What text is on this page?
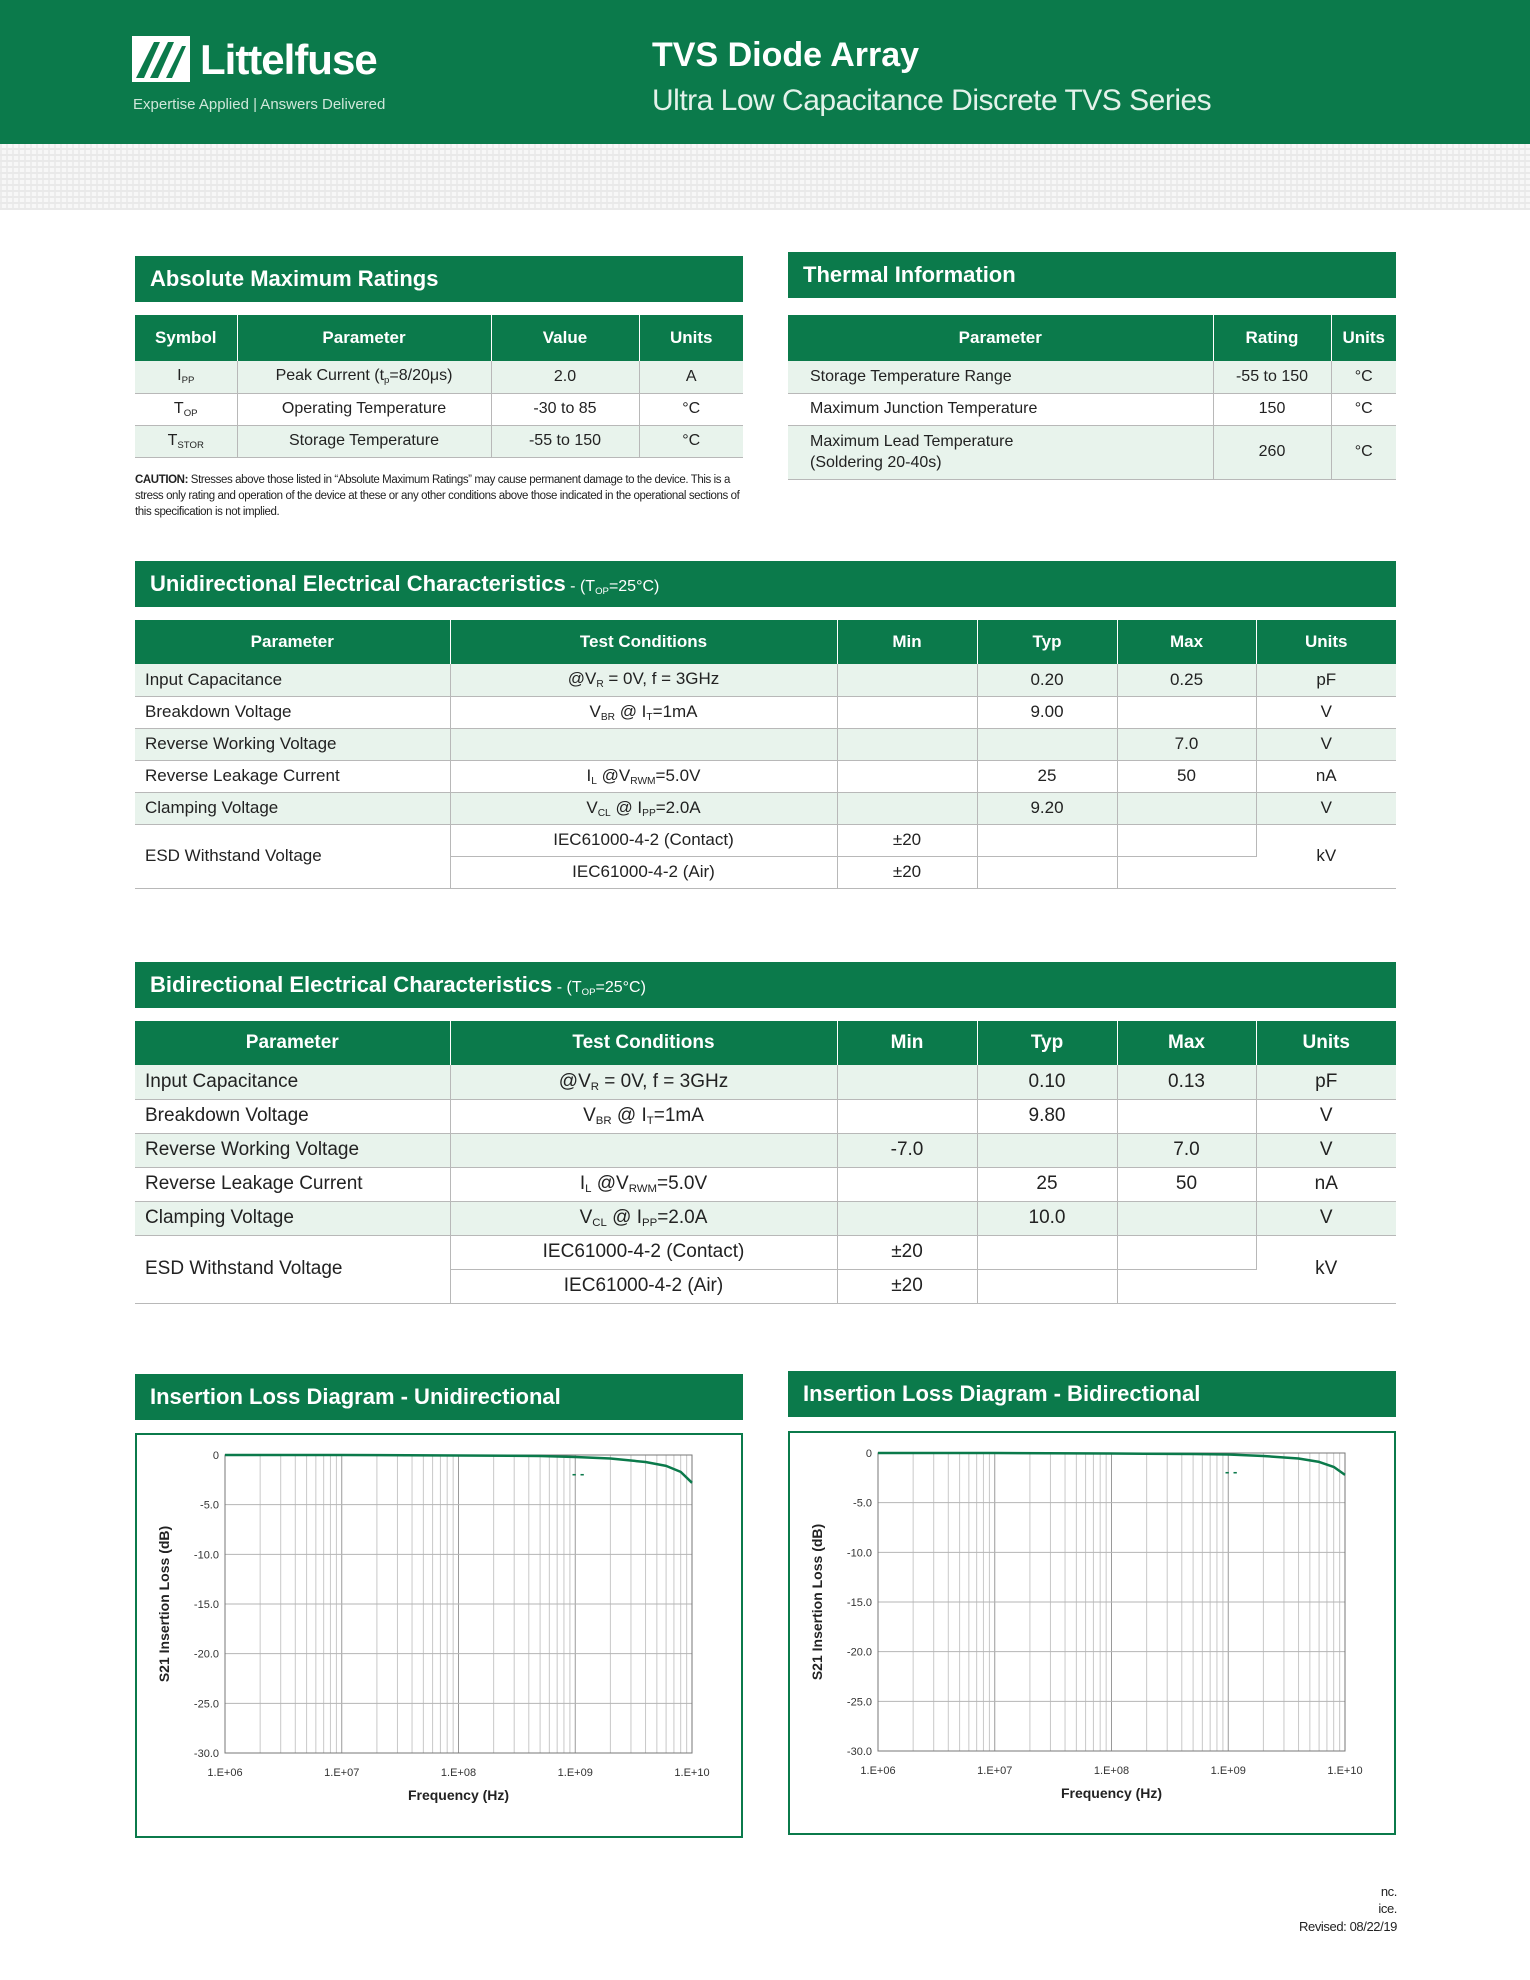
Littelfuse
Expertise Applied | Answers Delivered
TVS Diode Array
Ultra Low Capacitance Discrete TVS Series
Absolute Maximum Ratings
Symbol	Parameter	Value	Units
$I_{PP}$	Peak Current $(t_p=8/20\mu s)$	2.0	A
$T_{OP}$	Operating Temperature	-30 to 85	°C
$T_{STOR}$	Storage Temperature	-55 to 150	°C
CAUTION: Stresses above those listed in “Absolute Maximum Ratings” may cause permanent damage to the device. This is a stress only rating and operation of the device at these or any other conditions above those indicated in the operational sections of this specification is not implied.
Thermal Information
Parameter	Rating	Units
Storage Temperature Range	-55 to 150	°C
Maximum Junction Temperature	150	°C

Maximum Lead Temperature
(Soldering 20-40s)	260	°C
Unidirectional Electrical Characteristics - $(T_{OP}=25^\circ C)$
Parameter	Test Conditions	Min	Typ	Max	Units
Input Capacitance	$@V_R = 0V$, f = 3GHz		0.20	0.25	pF
Breakdown Voltage	$V_{BR}$ @ $I_T=1mA$		9.00		V
Reverse Working Voltage				7.0	V
Reverse Leakage Current	$I_L$ $@V_{RWM}=5.0V$		25	50	nA
Clamping Voltage	$V_{CL}$ @ $I_{PP}=2.0A$		9.20		V
ESD Withstand Voltage	IEC61000-4-2 (Contact)	±20			kV
	IEC61000-4-2 (Air)	±20			
Bidirectional Electrical Characteristics - $(T_{OP}=25^\circ C)$
Parameter	Test Conditions	Min	Typ	Max	Units
Input Capacitance	$@V_R = 0V$, f = 3GHz		0.10	0.13	pF
Breakdown Voltage	$V_{BR}$ @ $I_T=1mA$		9.80		V
Reverse Working Voltage		-7.0		7.0	V
Reverse Leakage Current	$I_L$ $@V_{RWM}=5.0V$		25	50	nA
Clamping Voltage	$V_{CL}$ @ $I_{PP}=2.0A$		10.0		V
ESD Withstand Voltage	IEC61000-4-2 (Contact)	±20			kV
	IEC61000-4-2 (Air)	±20			
Insertion Loss Diagram - Unidirectional
0
-5.0
-10.0
-15.0
-20.0
-25.0
-30.0
1.E+06	1.E+07	1.E+08	1.E+09	1.E+10
Frequency (Hz)
S21 Insertion Loss (dB)
- -
Insertion Loss Diagram - Bidirectional
0
-5.0
-10.0
-15.0
-20.0
-25.0
-30.0
1.E+06	1.E+07	1.E+08	1.E+09	1.E+10
Frequency (Hz)
S21 Insertion Loss (dB)
- -
nc.
ice.
Revised: 08/22/19
